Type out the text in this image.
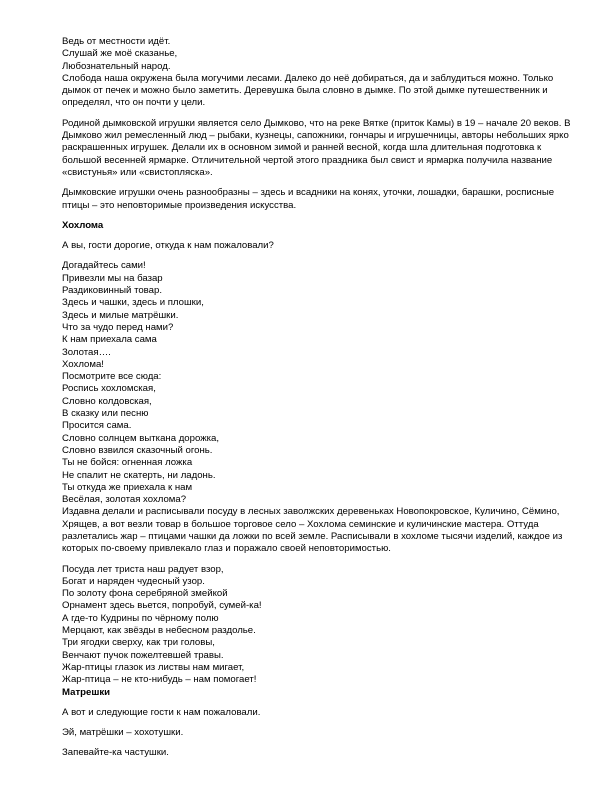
Ведь от местности идёт.

Слушай же моё сказанье,

Любознательный народ.

Слобода наша окружена была могучими лесами. Далеко до неё добираться, да и заблудиться можно. Только дымок от печек и можно было заметить. Деревушка была словно в дымке. По этой дымке путешественник и определял, что он почти у цели.

Родиной дымковской игрушки является село Дымково, что на реке Вятке (приток Камы) в 19 – начале 20 веков. В Дымково жил ремесленный люд – рыбаки, кузнецы, сапожники, гончары и игрушечницы, авторы небольших ярко раскрашенных игрушек. Делали их в основном зимой и ранней весной, когда шла длительная подготовка к большой весенней ярмарке. Отличительной чертой этого праздника был свист и ярмарка получила название «свистунья» или «свистопляска».

Дымковские игрушки очень разнообразны – здесь и всадники на конях, уточки, лошадки, барашки, росписные птицы – это неповторимые произведения искусства.

Хохлома

А вы, гости дорогие, откуда к нам пожаловали?

Догадайтесь сами!

Привезли мы на базар

Раздиковинный товар.

Здесь и чашки, здесь и плошки,

Здесь и милые матрёшки.

Что за чудо перед нами?

К нам приехала сама

Золотая….

Хохлома!

Посмотрите все сюда:

Роспись хохломская,

Словно колдовская,

В сказку или песню

Просится сама.

Словно солнцем выткана дорожка,

Словно взвился сказочный огонь.

Ты не бойся: огненная ложка

Не спалит не скатерть, ни ладонь.

Ты откуда же приехала к нам

Весёлая, золотая хохлома?

Издавна делали и расписывали посуду в лесных заволжских деревеньках Новопокровское, Куличино, Сёмино, Хрящев, а вот везли товар в большое торговое село – Хохлома семинские и куличинские мастера. Оттуда разлетались жар – птицами чашки да ложки по всей земле. Расписывали в хохломе тысячи изделий, каждое из которых по-своему привлекало глаз и поражало своей неповторимостью.

Посуда лет триста наш радует взор,

Богат и наряден чудесный узор.

По золоту фона серебряной змейкой

Орнамент здесь вьется, попробуй, сумей-ка!

А где-то Кудрины по чёрному полю

Мерцают, как звёзды в небесном раздолье.

Три ягодки сверху, как три головы,

Венчают пучок пожелтевшей травы.

Жар-птицы глазок из листвы нам мигает,

Жар-птица – не кто-нибудь – нам помогает!

Матрешки

А вот и следующие гости к нам пожаловали.

Эй, матрёшки – хохотушки.

Запевайте-ка частушки.
